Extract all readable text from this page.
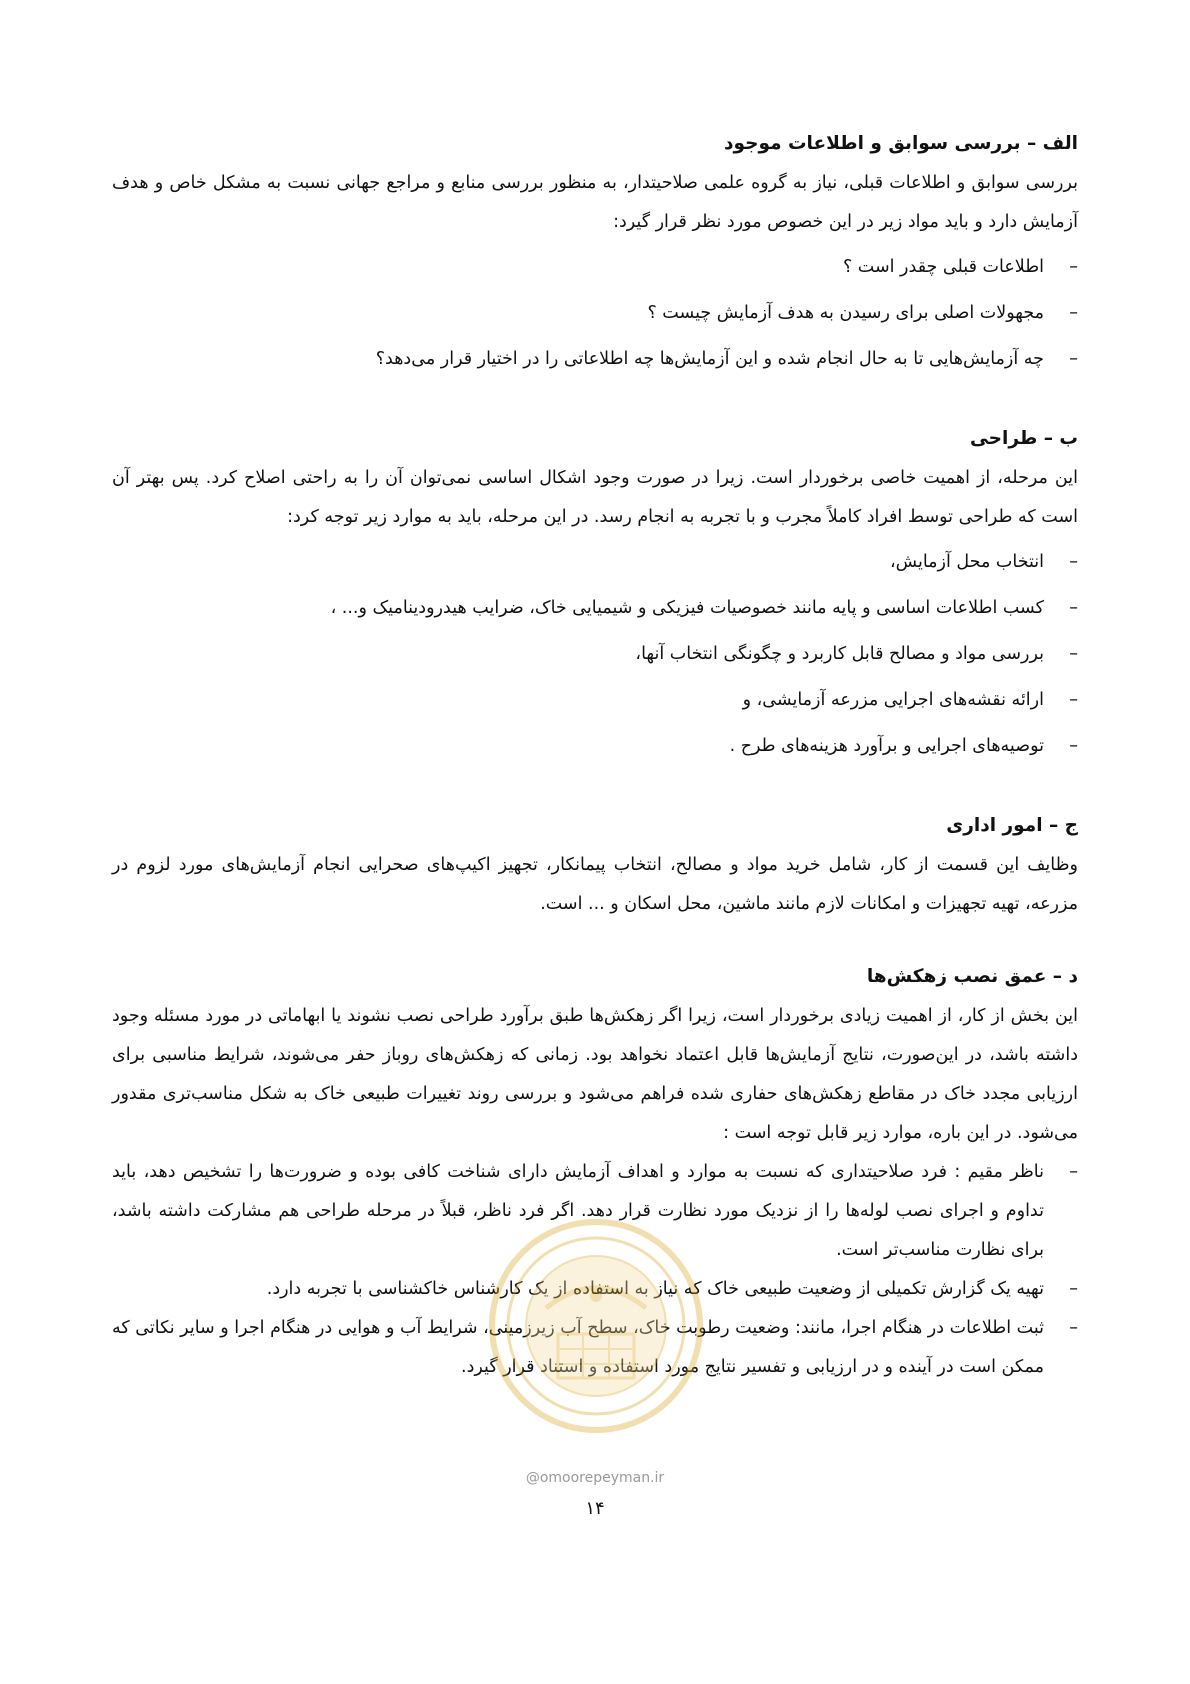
الف – بررسی سوابق و اطلاعات موجود

بررسی سوابق و اطلاعات قبلی، نیاز به گروه علمی صلاحیتدار، به منظور بررسی منابع و مراجع جهانی نسبت به مشکل خاص و هدف آزمایش دارد و باید مواد زیر در این خصوص مورد نظر قرار گیرد:

– اطلاعات قبلی چقدر است ؟
– مجهولات اصلی برای رسیدن به هدف آزمایش چیست ؟
– چه آزمایش‌هایی تا به حال انجام شده و این آزمایش‌ها چه اطلاعاتی را در اختیار قرار می‌دهد؟

ب – طراحی

این مرحله، از اهمیت خاصی برخوردار است. زیرا در صورت وجود اشکال اساسی نمی‌توان آن را به راحتی اصلاح کرد. پس بهتر آن است که طراحی توسط افراد کاملاً مجرب و با تجربه به انجام رسد. در این مرحله، باید به موارد زیر توجه کرد:

– انتخاب محل آزمایش،
– کسب اطلاعات اساسی و پایه مانند خصوصیات فیزیکی و شیمیایی خاک، ضرایب هیدرودینامیک و... ،
– بررسی مواد و مصالح قابل کاربرد و چگونگی انتخاب آنها،
– ارائه نقشه‌های اجرایی مزرعه آزمایشی، و
– توصیه‌های اجرایی و برآورد هزینه‌های طرح .

ج – امور اداری

وظایف این قسمت از کار، شامل خرید مواد و مصالح، انتخاب پیمانکار، تجهیز اکیپ‌های صحرایی انجام آزمایش‌های مورد لزوم در مزرعه، تهیه تجهیزات و امکانات لازم مانند ماشین، محل اسکان و ... است.

د – عمق نصب زهکش‌ها

این بخش از کار، از اهمیت زیادی برخوردار است، زیرا اگر زهکش‌ها طبق برآورد طراحی نصب نشوند یا ابهاماتی در مورد مسئله وجود داشته باشد، در این‌صورت، نتایج آزمایش‌ها قابل اعتماد نخواهد بود. زمانی که زهکش‌های روباز حفر می‌شوند، شرایط مناسبی برای ارزیابی مجدد خاک در مقاطع زهکش‌های حفاری شده فراهم می‌شود و بررسی روند تغییرات طبیعی خاک به شکل مناسب‌تری مقدور می‌شود. در این باره، موارد زیر قابل توجه است :

– ناظر مقیم : فرد صلاحیتداری که نسبت به موارد و اهداف آزمایش دارای شناخت کافی بوده و ضرورت‌ها را تشخیص دهد، باید تداوم و اجرای نصب لوله‌ها را از نزدیک مورد نظارت قرار دهد. اگر فرد ناظر، قبلاً در مرحله طراحی هم مشارکت داشته باشد، برای نظارت مناسب‌تر است.
– تهیه یک گزارش تکمیلی از وضعیت طبیعی خاک که نیاز به استفاده از یک کارشناس خاکشناسی با تجربه دارد.
– ثبت اطلاعات در هنگام اجرا، مانند: وضعیت رطوبت خاک، سطح آب زیرزمینی، شرایط آب و هوایی در هنگام اجرا و سایر نکاتی که ممکن است در آینده و در ارزیابی و تفسیر نتایج مورد استفاده و استناد قرار گیرد.
@omoorepeyman.ir
۱۴
